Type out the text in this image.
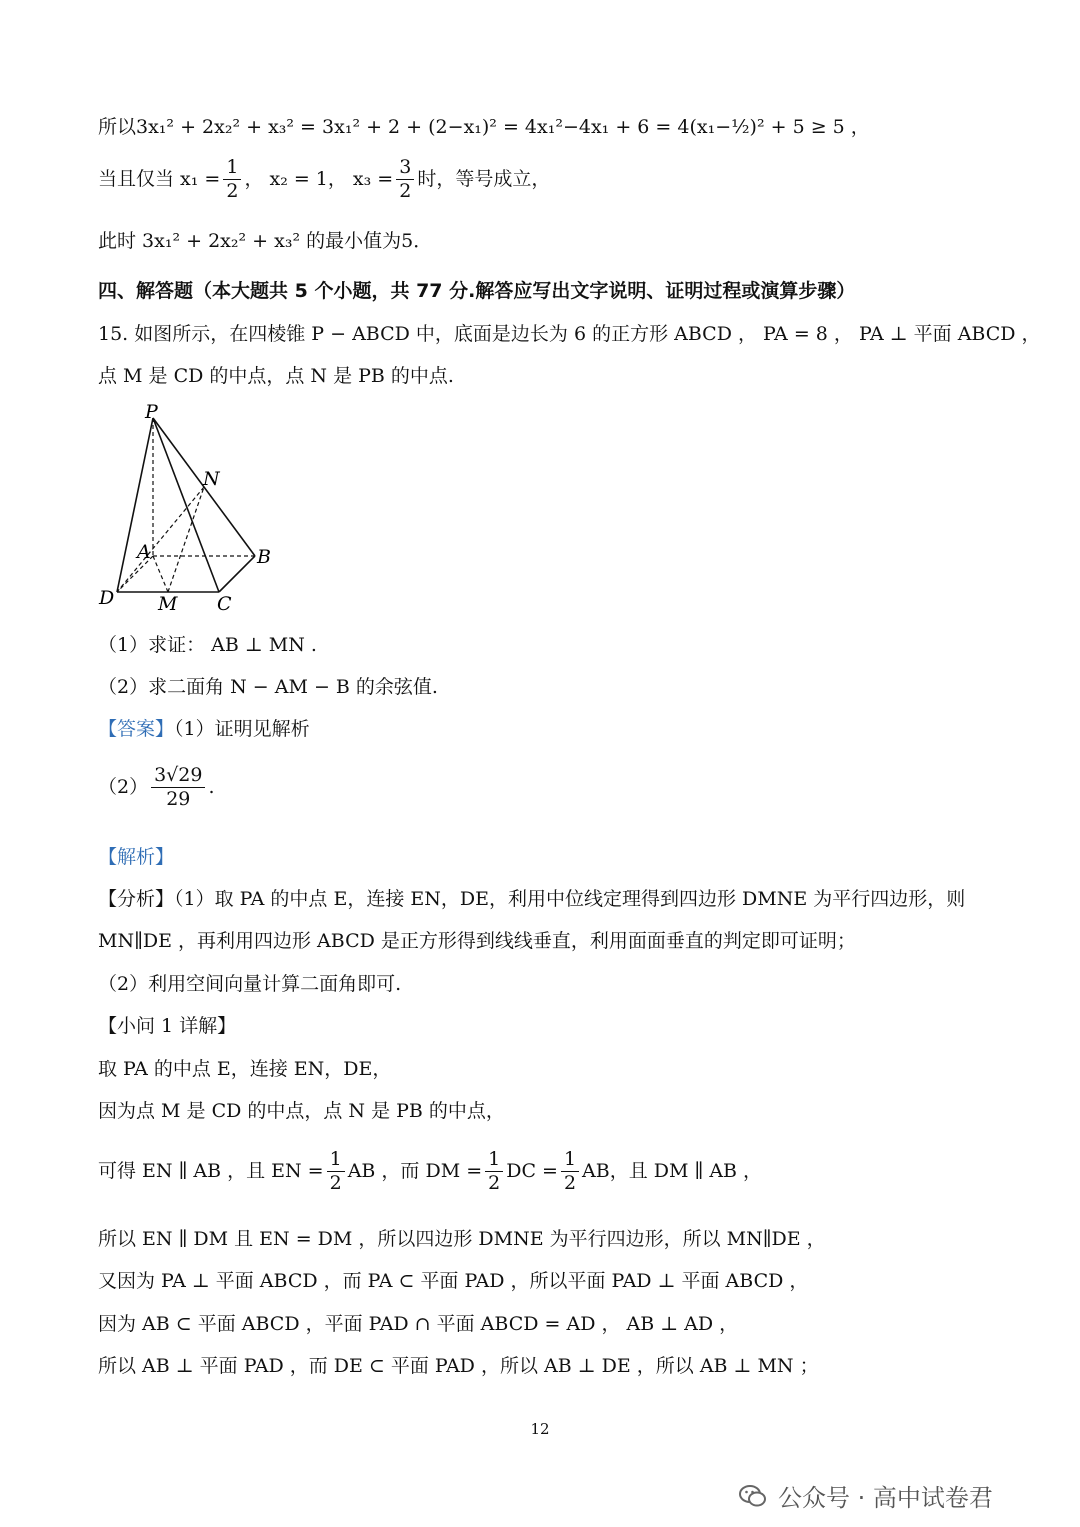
所以3x₁² + 2x₂² + x₃² = 3x₁² + 2 + (2−x₁)² = 4x₁²−4x₁ + 6 = 4(x₁−½)² + 5 ≥ 5 ，
当且仅当 $x_1 = \frac{1}{2}$ ， x₂ = 1， $x_3 = \frac{3}{2}$ 时，等号成立，
此时 3x₁² + 2x₂² + x₃² 的最小值为5．
四、解答题（本大题共 5 个小题，共 77 分.解答应写出文字说明、证明过程或演算步骤）
15. 如图所示，在四棱锥 P − ABCD 中，底面是边长为 6 的正方形 ABCD ， PA = 8 ， PA ⊥ 平面 ABCD ，
点 M 是 CD 的中点，点 N 是 PB 的中点.
P
N
A	B
D M C
（1）求证： AB ⊥ MN .
（2）求二面角 N − AM − B 的余弦值.
【答案】（1）证明见解析
$(2) \frac{3√29}{29}$ .
【解析】
【分析】（1）取 PA 的中点 E，连接 EN，DE，利用中位线定理得到四边形 DMNE 为平行四边形，则
MN∥DE ，再利用四边形 ABCD 是正方形得到线线垂直，利用面面垂直的判定即可证明；
（2）利用空间向量计算二面角即可.
【小问 1 详解】
取 PA 的中点 E，连接 EN，DE，
因为点 M 是 CD 的中点，点 N 是 PB 的中点，
可得 EN ∥ AB ，且 EN = $\frac{1}{2}$ AB ，而 DM = $\frac{1}{2}$ DC = $\frac{1}{2}$ AB，且 DM ∥ AB ，
所以 EN ∥ DM 且 EN = DM ，所以四边形 DMNE 为平行四边形，所以 MN∥DE ，
又因为 PA ⊥ 平面 ABCD ，而 PA ⊂ 平面 PAD ，所以平面 PAD ⊥ 平面 ABCD ，
因为 AB ⊂ 平面 ABCD ，平面 PAD ∩ 平面 ABCD = AD ， AB ⊥ AD ，
所以 AB ⊥ 平面 PAD ，而 DE ⊂ 平面 PAD ，所以 AB ⊥ DE ，所以 AB ⊥ MN ；
12
公众号 · 高中试卷君
